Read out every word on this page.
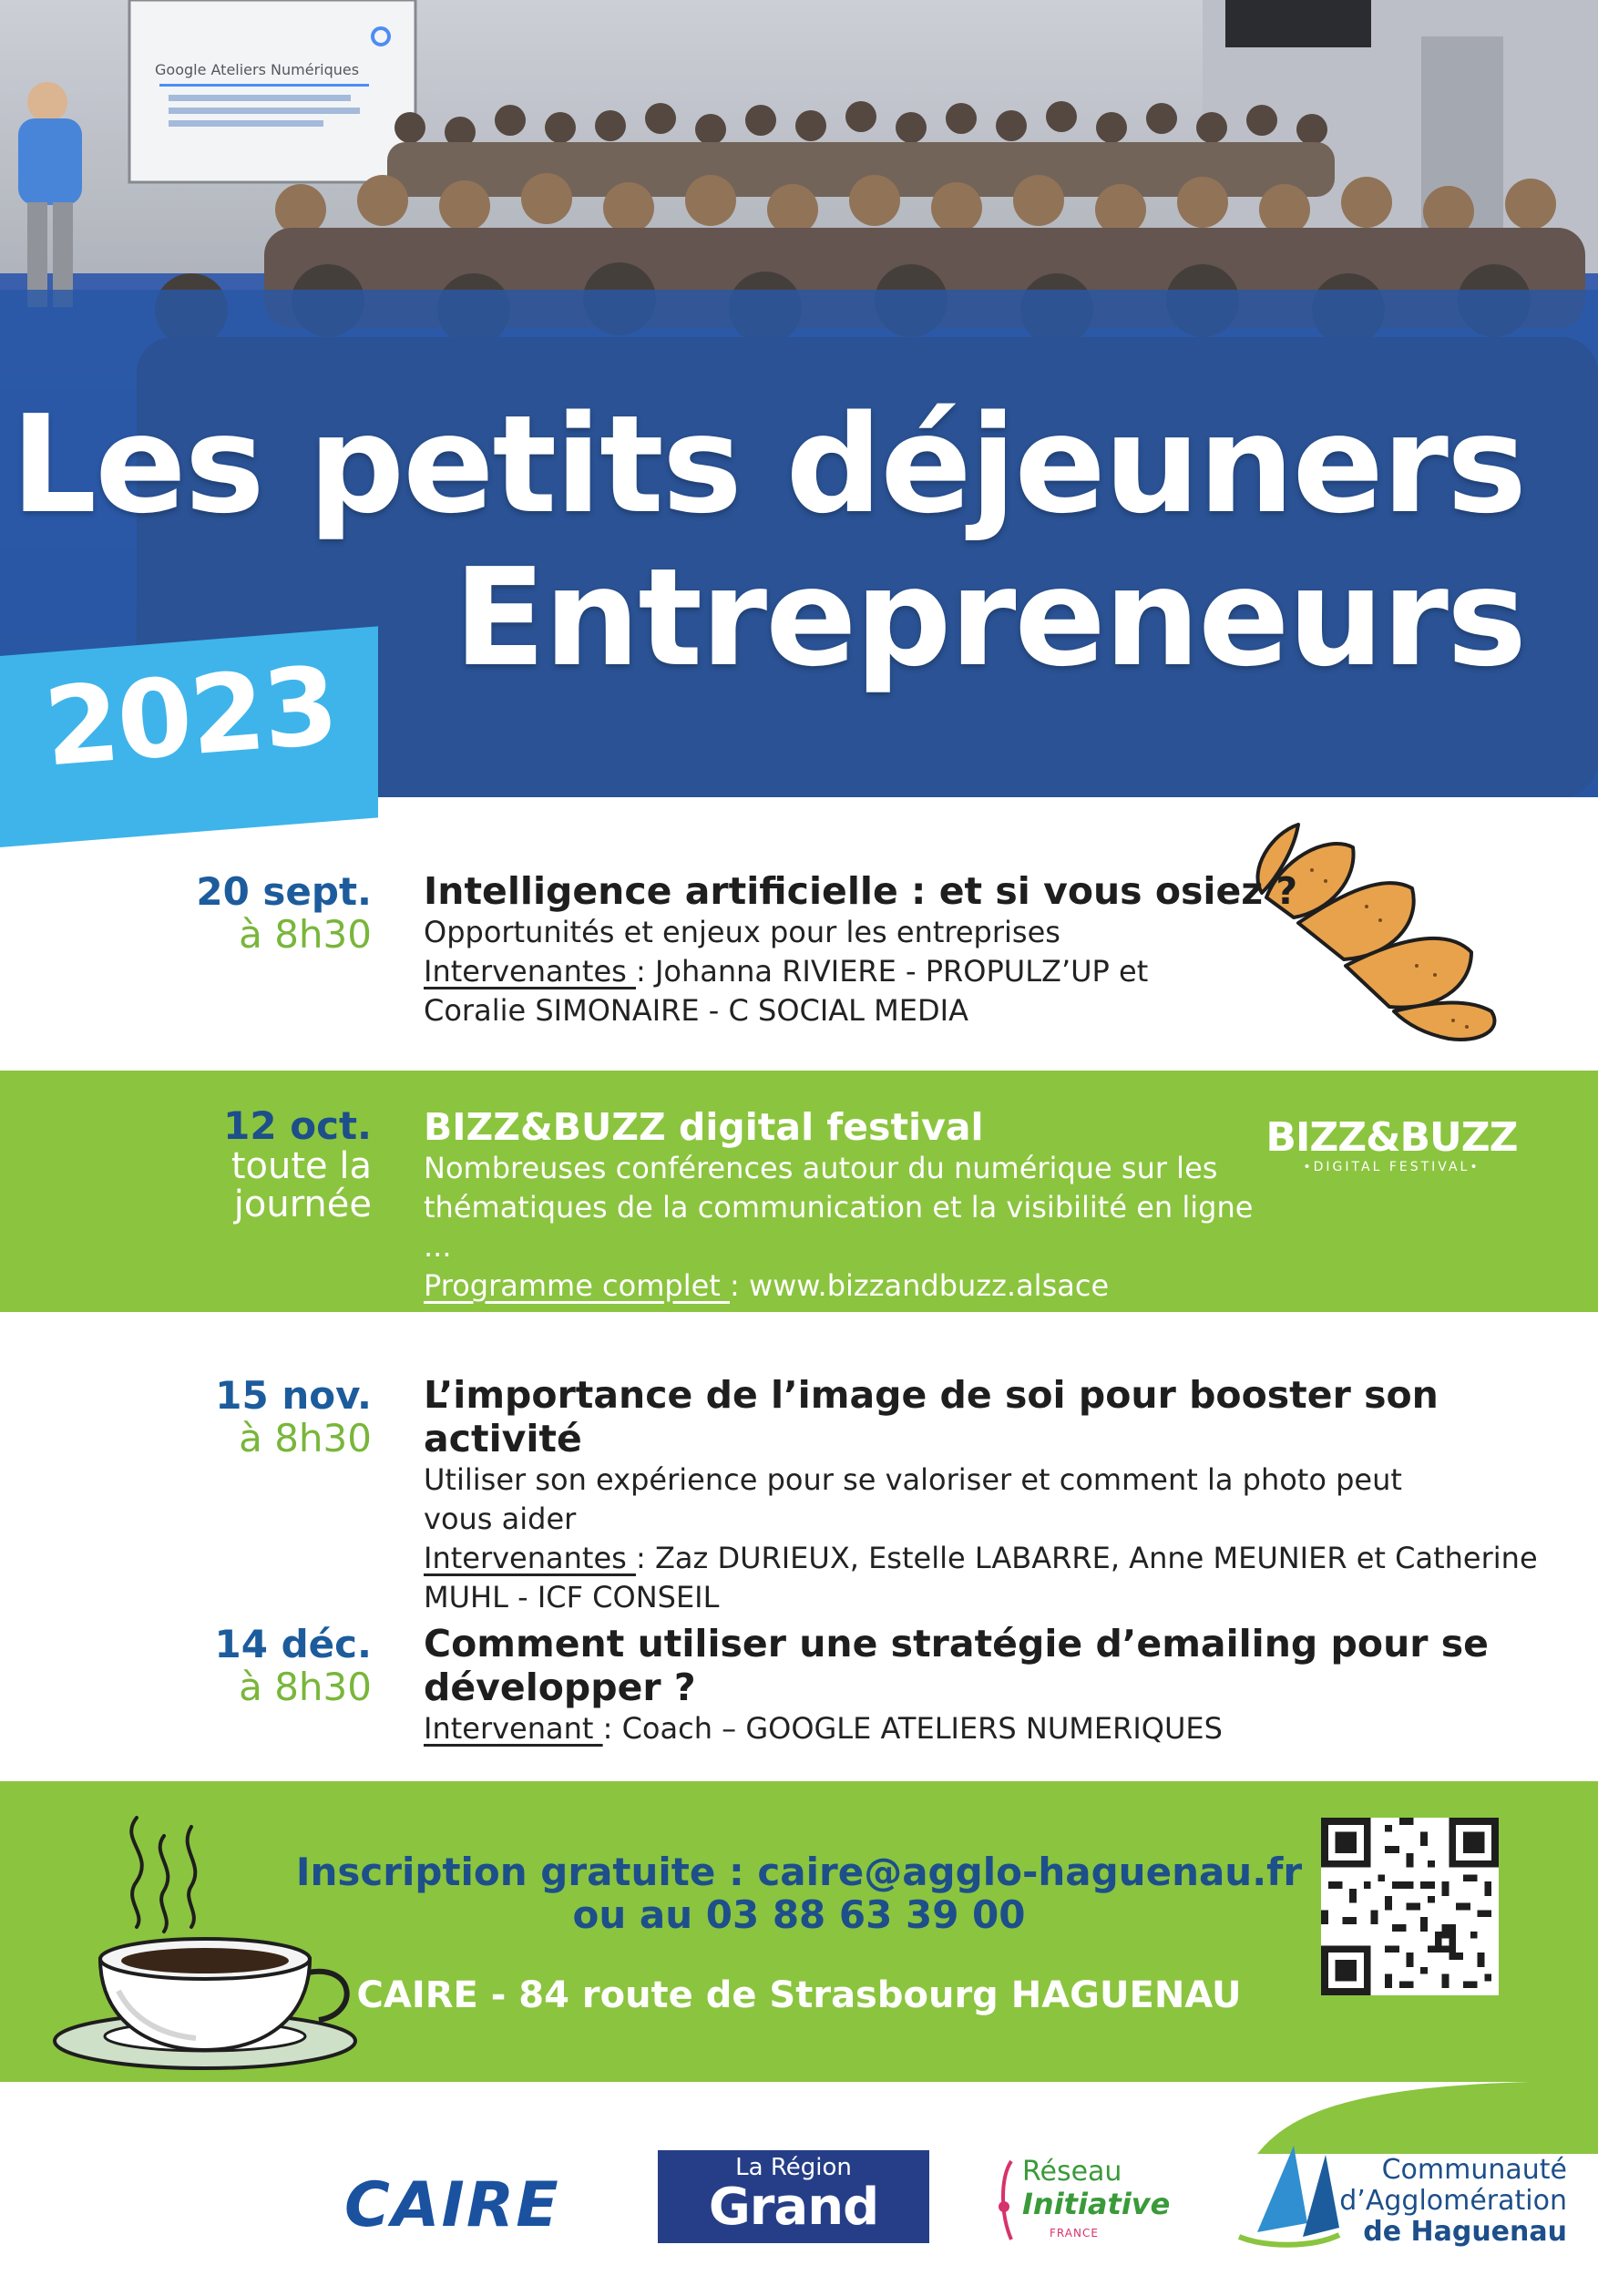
Google Ateliers Numériques
Les petits déjeuners
Entrepreneurs
2023
20 sept.
à 8h30

Intelligence artificielle : et si vous osiez ?

Opportunités et enjeux pour les entreprises

Intervenantes : Johanna RIVIERE - PROPULZ’UP et

Coralie SIMONAIRE - C SOCIAL MEDIA

12 oct.
toute la
journée

BIZZ&BUZZ digital festival

Nombreuses conférences autour du numérique sur les

thématiques de la communication et la visibilité en ligne ...

Programme complet : www.bizzandbuzz.alsace

BIZZ&BUZZ
•DIGITAL FESTIVAL•
15 nov.
à 8h30

L’importance de l’image de soi pour booster son activité

Utiliser son expérience pour se valoriser et comment la photo peut

vous aider

Intervenantes : Zaz DURIEUX, Estelle LABARRE, Anne MEUNIER et Catherine

MUHL - ICF CONSEIL

14 déc.
à 8h30

Comment utiliser une stratégie d’emailing pour se

développer ?

Intervenant : Coach – GOOGLE ATELIERS NUMERIQUES

Inscription gratuite : caire@agglo-haguenau.fr
ou au 03 88 63 39 00
CAIRE - 84 route de Strasbourg HAGUENAU
CAIRE
La Région
Grand Est
Réseau
Initiative
FRANCE
Communauté
d’Agglomération
de Haguenau
